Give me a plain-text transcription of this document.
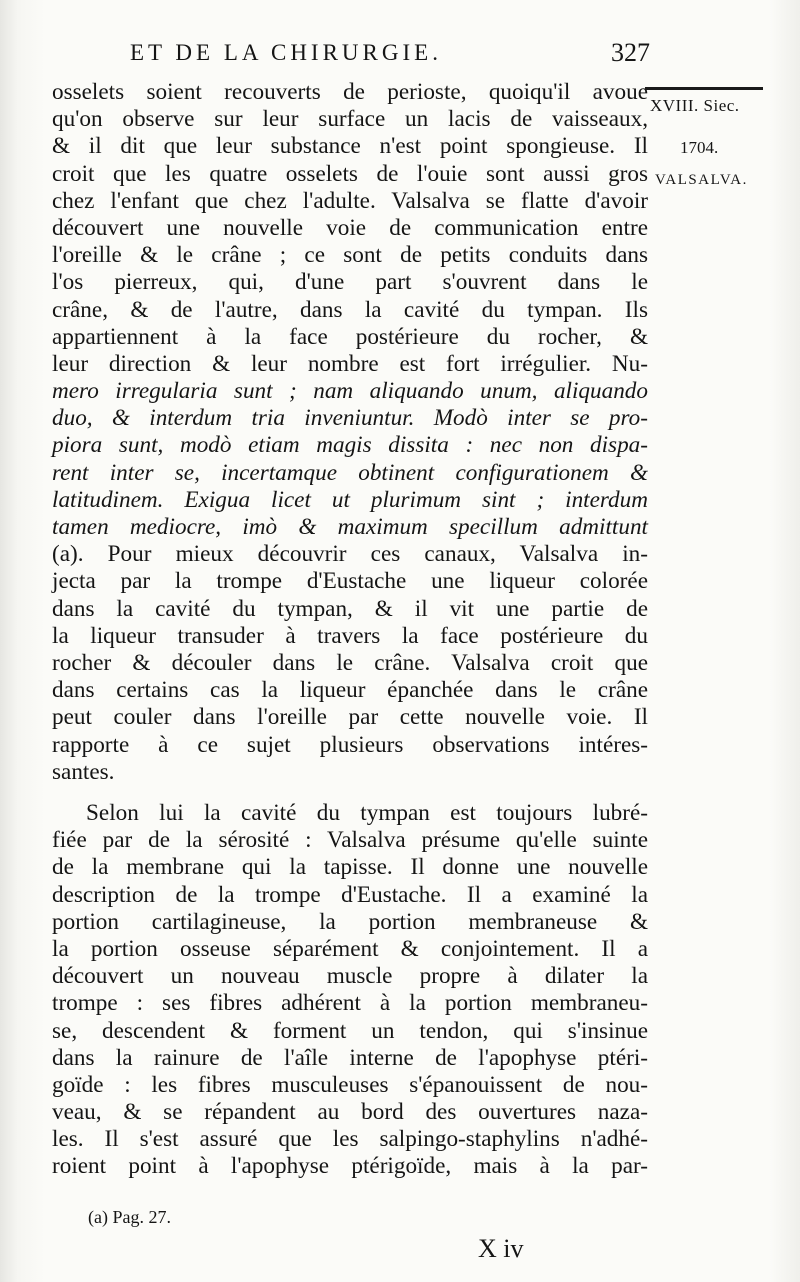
ET DE LA CHIRURGIE.	327
XVIII. Siec.
1704.
VALSALVA.
osselets soient recouverts de perioste, quoiqu'il avoue
qu'on observe sur leur surface un lacis de vaisseaux,
& il dit que leur substance n'est point spongieuse. Il
croit que les quatre osselets de l'ouie sont aussi gros
chez l'enfant que chez l'adulte. Valsalva se flatte d'avoir
découvert une nouvelle voie de communication entre
l'oreille & le crâne ; ce sont de petits conduits dans
l'os pierreux, qui, d'une part s'ouvrent dans le
crâne, & de l'autre, dans la cavité du tympan. Ils
appartiennent à la face postérieure du rocher, &
leur direction & leur nombre est fort irrégulier. Nu-
mero irregularia sunt ; nam aliquando unum, aliquando
duo, & interdum tria inveniuntur. Modò inter se pro-
piora sunt, modò etiam magis dissita : nec non dispa-
rent inter se, incertamque obtinent configurationem &
latitudinem. Exigua licet ut plurimum sint ; interdum
tamen mediocre, imò & maximum specillum admittunt
(a). Pour mieux découvrir ces canaux, Valsalva in-
jecta par la trompe d'Eustache une liqueur colorée
dans la cavité du tympan, & il vit une partie de
la liqueur transuder à travers la face postérieure du
rocher & découler dans le crâne. Valsalva croit que
dans certains cas la liqueur épanchée dans le crâne
peut couler dans l'oreille par cette nouvelle voie. Il
rapporte à ce sujet plusieurs observations intéres-
santes.
Selon lui la cavité du tympan est toujours lubré-
fiée par de la sérosité : Valsalva présume qu'elle suinte
de la membrane qui la tapisse. Il donne une nouvelle
description de la trompe d'Eustache. Il a examiné la
portion cartilagineuse, la portion membraneuse &
la portion osseuse séparément & conjointement. Il a
découvert un nouveau muscle propre à dilater la
trompe : ses fibres adhérent à la portion membraneu-
se, descendent & forment un tendon, qui s'insinue
dans la rainure de l'aîle interne de l'apophyse ptéri-
goïde : les fibres musculeuses s'épanouissent de nou-
veau, & se répandent au bord des ouvertures naza-
les. Il s'est assuré que les salpingo-staphylins n'adhé-
roient point à l'apophyse ptérigoïde, mais à la par-
(a) Pag. 27.
X iv
